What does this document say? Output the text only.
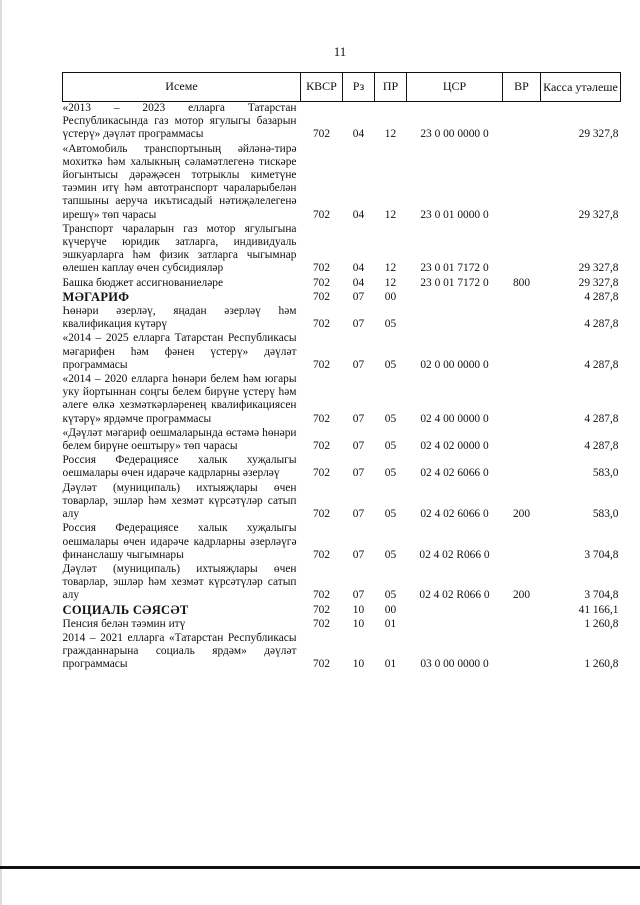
11
Исеме	КВСР	Рз	ПР	ЦСР	ВР	Касса утәлеше
«2013 – 2023 елларга Татарстан Республикасында газ мотор ягулыгы базарын үстерү» дәүләт программасы	702	04	12	23 0 00 0000 0		29 327,8
«Автомобиль транспортының әйләнә-тирә мохиткә һәм халыкның сәламәтлегенә тискәре йогынтысы дәрәҗәсен тотрыклы киметүне тәэмин итү һәм автотранспорт чараларыбелән тапшыны аеруча икътисадый нәтиҗәлелегенә ирешү» төп чарасы	702	04	12	23 0 01 0000 0		29 327,8
Транспорт чараларын газ мотор ягулыгына күчерүче юридик затларга, индивидуаль эшкуарларга һәм физик затларга чыгымнар өлешен каплау өчен субсидияләр	702	04	12	23 0 01 7172 0		29 327,8
Башка бюджет ассигнованиеләре	702	04	12	23 0 01 7172 0	800	29 327,8
МӘГАРИФ	702	07	00			4 287,8
Һөнәри әзерләү, яңадан әзерләү һәм квалификация күтәрү	702	07	05			4 287,8
«2014 – 2025 елларга Татарстан Республикасы мәгарифен һәм фәнен үстерү» дәүләт программасы	702	07	05	02 0 00 0000 0		4 287,8
«2014 – 2020 елларга һөнәри белем һәм югары уку йортыннан соңгы белем бирүне үстерү һәм әлеге өлкә хезмәткәрләренең квалификациясен күтәрү» ярдәмче программасы	702	07	05	02 4 00 0000 0		4 287,8
«Дәүләт мәгариф оешмаларында өстәмә һөнәри белем бирүне оештыру» төп чарасы	702	07	05	02 4 02 0000 0		4 287,8
Россия Федерациясе халык хуҗалыгы оешмалары өчен идарәче кадрларны әзерләү	702	07	05	02 4 02 6066 0		583,0
Дәүләт (муниципаль) ихтыяҗлары өчен товарлар, эшләр һәм хезмәт күрсәтүләр сатып алу	702	07	05	02 4 02 6066 0	200	583,0
Россия Федерациясе халык хуҗалыгы оешмалары өчен идарәче кадрларны әзерләүгә финанслашу чыгымнары	702	07	05	02 4 02 R066 0		3 704,8
Дәүләт (муниципаль) ихтыяҗлары өчен товарлар, эшләр һәм хезмәт күрсәтүләр сатып алу	702	07	05	02 4 02 R066 0	200	3 704,8
СОЦИАЛЬ СӘЯСӘТ	702	10	00			41 166,1
Пенсия белән тәэмин итү	702	10	01			1 260,8
2014 – 2021 елларга «Татарстан Республикасы гражданнарына социаль ярдәм» дәүләт программасы	702	10	01	03 0 00 0000 0		1 260,8
